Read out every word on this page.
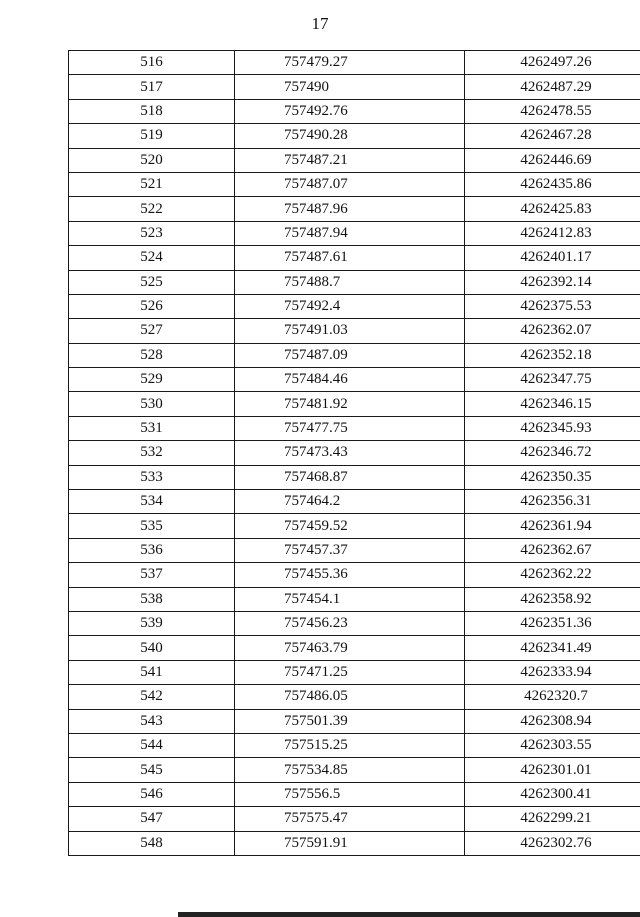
17
516	757479.27	4262497.26
517	757490	4262487.29
518	757492.76	4262478.55
519	757490.28	4262467.28
520	757487.21	4262446.69
521	757487.07	4262435.86
522	757487.96	4262425.83
523	757487.94	4262412.83
524	757487.61	4262401.17
525	757488.7	4262392.14
526	757492.4	4262375.53
527	757491.03	4262362.07
528	757487.09	4262352.18
529	757484.46	4262347.75
530	757481.92	4262346.15
531	757477.75	4262345.93
532	757473.43	4262346.72
533	757468.87	4262350.35
534	757464.2	4262356.31
535	757459.52	4262361.94
536	757457.37	4262362.67
537	757455.36	4262362.22
538	757454.1	4262358.92
539	757456.23	4262351.36
540	757463.79	4262341.49
541	757471.25	4262333.94
542	757486.05	4262320.7
543	757501.39	4262308.94
544	757515.25	4262303.55
545	757534.85	4262301.01
546	757556.5	4262300.41
547	757575.47	4262299.21
548	757591.91	4262302.76
